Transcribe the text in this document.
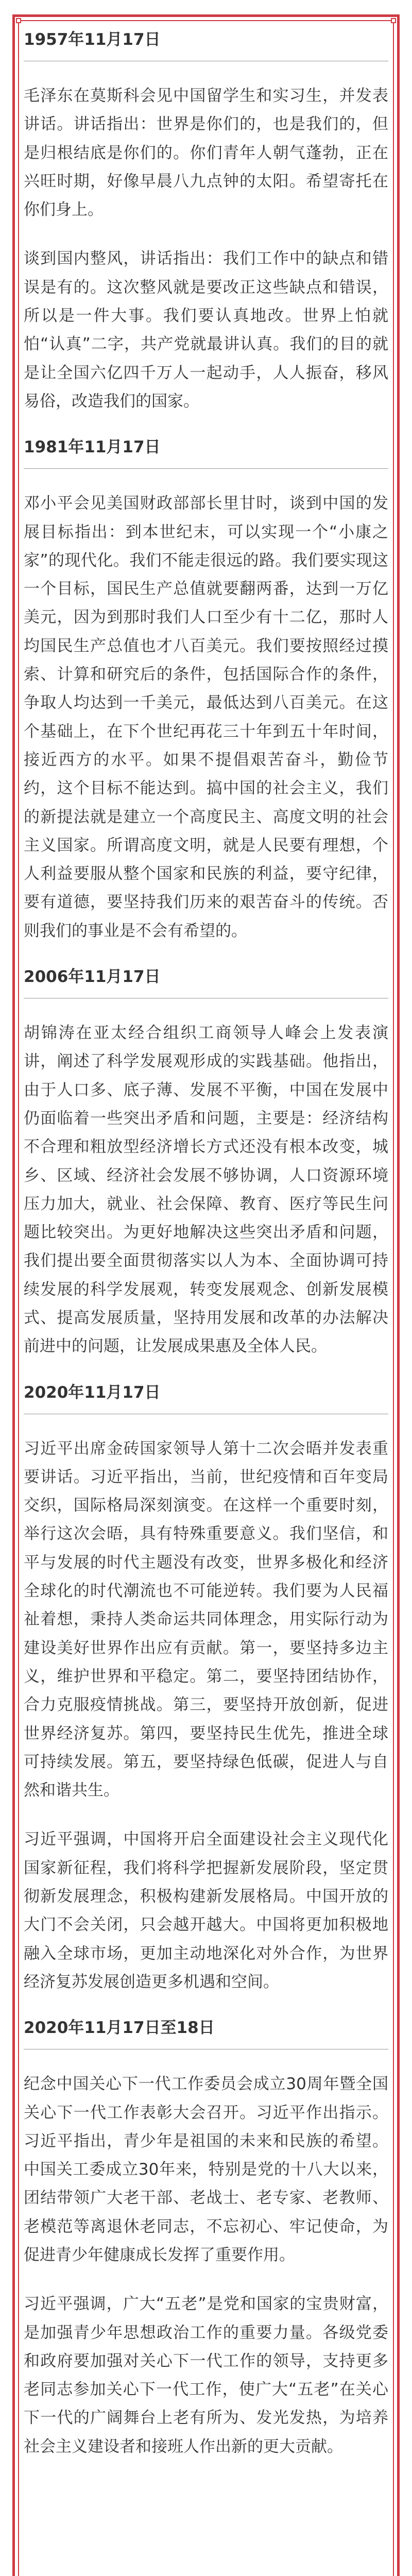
1957年11月17日

毛泽东在莫斯科会见中国留学生和实习生，并发表讲话。讲话指出：世界是你们的，也是我们的，但是归根结底是你们的。你们青年人朝气蓬勃，正在兴旺时期，好像早晨八九点钟的太阳。希望寄托在你们身上。

谈到国内整风，讲话指出：我们工作中的缺点和错误是有的。这次整风就是要改正这些缺点和错误，所以是一件大事。我们要认真地改。世界上怕就怕“认真”二字，共产党就最讲认真。我们的目的就是让全国六亿四千万人一起动手，人人振奋，移风易俗，改造我们的国家。

1981年11月17日

邓小平会见美国财政部部长里甘时，谈到中国的发展目标指出：到本世纪末，可以实现一个“小康之家”的现代化。我们不能走很远的路。我们要实现这一个目标，国民生产总值就要翻两番，达到一万亿美元，因为到那时我们人口至少有十二亿，那时人均国民生产总值也才八百美元。我们要按照经过摸索、计算和研究后的条件，包括国际合作的条件，争取人均达到一千美元，最低达到八百美元。在这个基础上，在下个世纪再花三十年到五十年时间，接近西方的水平。如果不提倡艰苦奋斗，勤俭节约，这个目标不能达到。搞中国的社会主义，我们的新提法就是建立一个高度民主、高度文明的社会主义国家。所谓高度文明，就是人民要有理想，个人利益要服从整个国家和民族的利益，要守纪律，要有道德，要坚持我们历来的艰苦奋斗的传统。否则我们的事业是不会有希望的。

2006年11月17日

胡锦涛在亚太经合组织工商领导人峰会上发表演讲，阐述了科学发展观形成的实践基础。他指出，由于人口多、底子薄、发展不平衡，中国在发展中仍面临着一些突出矛盾和问题，主要是：经济结构不合理和粗放型经济增长方式还没有根本改变，城乡、区域、经济社会发展不够协调，人口资源环境压力加大，就业、社会保障、教育、医疗等民生问题比较突出。为更好地解决这些突出矛盾和问题，我们提出要全面贯彻落实以人为本、全面协调可持续发展的科学发展观，转变发展观念、创新发展模式、提高发展质量，坚持用发展和改革的办法解决前进中的问题，让发展成果惠及全体人民。

2020年11月17日

习近平出席金砖国家领导人第十二次会晤并发表重要讲话。习近平指出，当前，世纪疫情和百年变局交织，国际格局深刻演变。在这样一个重要时刻，举行这次会晤，具有特殊重要意义。我们坚信，和平与发展的时代主题没有改变，世界多极化和经济全球化的时代潮流也不可能逆转。我们要为人民福祉着想，秉持人类命运共同体理念，用实际行动为建设美好世界作出应有贡献。第一，要坚持多边主义，维护世界和平稳定。第二，要坚持团结协作，合力克服疫情挑战。第三，要坚持开放创新，促进世界经济复苏。第四，要坚持民生优先，推进全球可持续发展。第五，要坚持绿色低碳，促进人与自然和谐共生。

习近平强调，中国将开启全面建设社会主义现代化国家新征程，我们将科学把握新发展阶段，坚定贯彻新发展理念，积极构建新发展格局。中国开放的大门不会关闭，只会越开越大。中国将更加积极地融入全球市场，更加主动地深化对外合作，为世界经济复苏发展创造更多机遇和空间。

2020年11月17日至18日

纪念中国关心下一代工作委员会成立30周年暨全国关心下一代工作表彰大会召开。习近平作出指示。习近平指出，青少年是祖国的未来和民族的希望。中国关工委成立30年来，特别是党的十八大以来，团结带领广大老干部、老战士、老专家、老教师、老模范等离退休老同志，不忘初心、牢记使命，为促进青少年健康成长发挥了重要作用。

习近平强调，广大“五老”是党和国家的宝贵财富，是加强青少年思想政治工作的重要力量。各级党委和政府要加强对关心下一代工作的领导，支持更多老同志参加关心下一代工作，使广大“五老”在关心下一代的广阔舞台上老有所为、发光发热，为培养社会主义建设者和接班人作出新的更大贡献。
